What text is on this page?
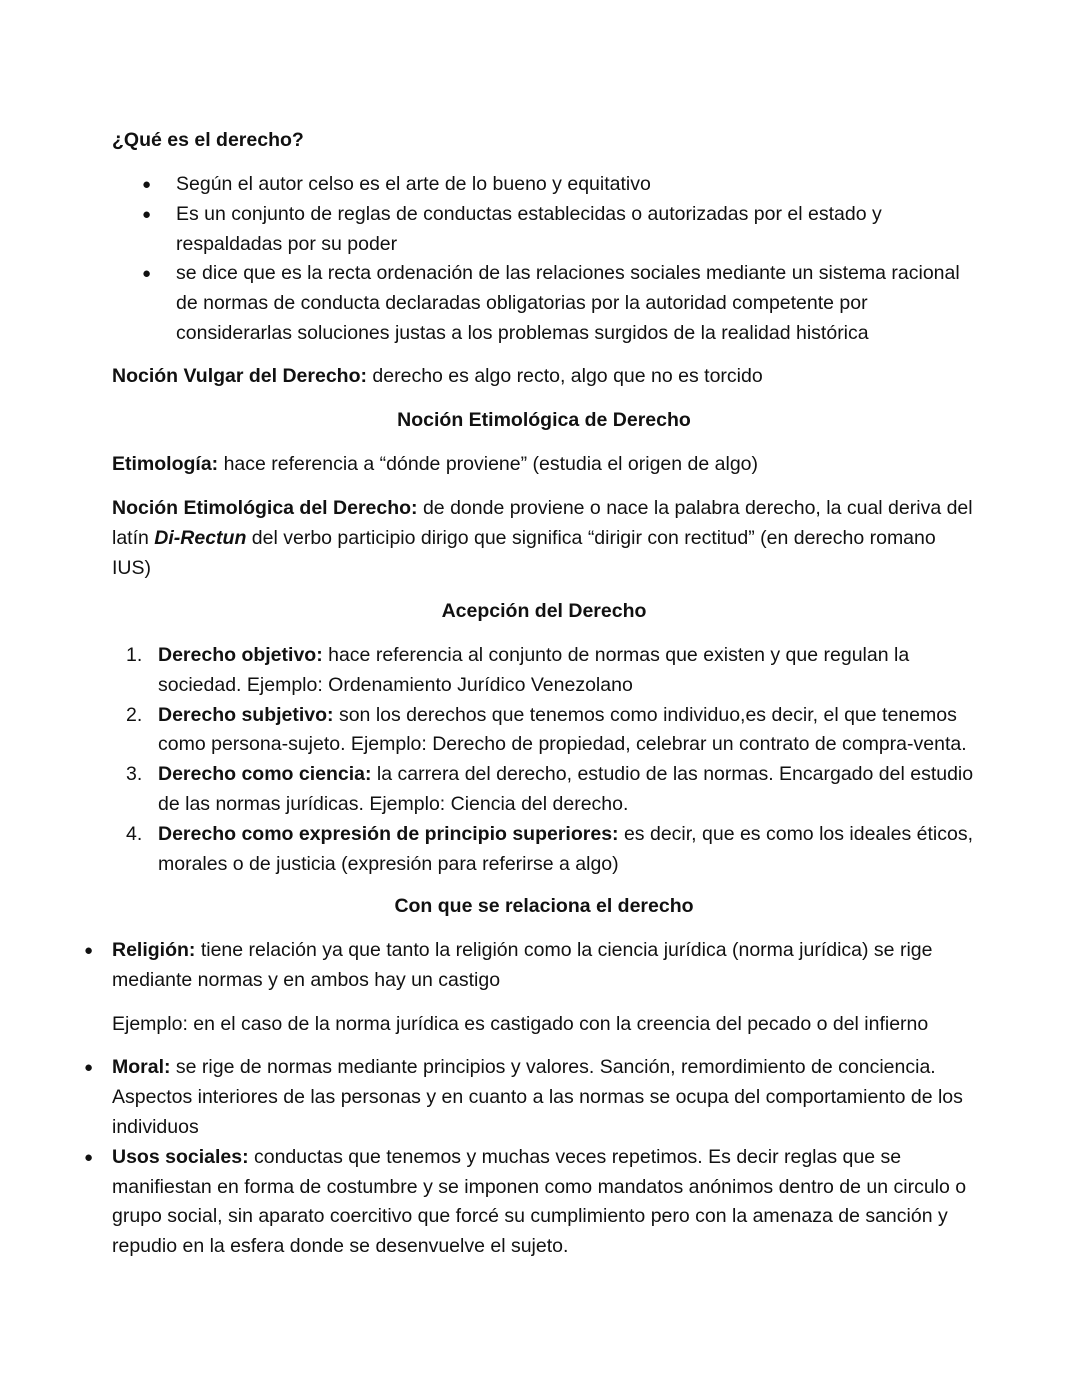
¿Qué es el derecho?

● Según el autor celso es el arte de lo bueno y equitativo
● Es un conjunto de reglas de conductas establecidas o autorizadas por el estado y respaldadas por su poder
● se dice que es la recta ordenación de las relaciones sociales mediante un sistema racional de normas de conducta declaradas obligatorias por la autoridad competente por considerarlas soluciones justas a los problemas surgidos de la realidad histórica

Noción Vulgar del Derecho: derecho es algo recto, algo que no es torcido

Noción Etimológica de Derecho

Etimología: hace referencia a “dónde proviene” (estudia el origen de algo)

Noción Etimológica del Derecho: de donde proviene o nace la palabra derecho, la cual deriva del latín Di-Rectun del verbo participio dirigo que significa “dirigir con rectitud” (en derecho romano IUS)

Acepción del Derecho

1. Derecho objetivo: hace referencia al conjunto de normas que existen y que regulan la sociedad. Ejemplo: Ordenamiento Jurídico Venezolano
2. Derecho subjetivo: son los derechos que tenemos como individuo,es decir, el que tenemos como persona-sujeto. Ejemplo: Derecho de propiedad, celebrar un contrato de compra-venta.
3. Derecho como ciencia: la carrera del derecho, estudio de las normas. Encargado del estudio de las normas jurídicas. Ejemplo: Ciencia del derecho.
4. Derecho como expresión de principio superiores: es decir, que es como los ideales éticos, morales o de justicia (expresión para referirse a algo)

Con que se relaciona el derecho

● Religión: tiene relación ya que tanto la religión como la ciencia jurídica (norma jurídica) se rige mediante normas y en ambos hay un castigo
Ejemplo: en el caso de la norma jurídica es castigado con la creencia del pecado o del infierno
● Moral: se rige de normas mediante principios y valores. Sanción, remordimiento de conciencia. Aspectos interiores de las personas y en cuanto a las normas se ocupa del comportamiento de los individuos
● Usos sociales: conductas que tenemos y muchas veces repetimos. Es decir reglas que se manifiestan en forma de costumbre y se imponen como mandatos anónimos dentro de un circulo o grupo social, sin aparato coercitivo que forcé su cumplimiento pero con la amenaza de sanción y repudio en la esfera donde se desenvuelve el sujeto.
